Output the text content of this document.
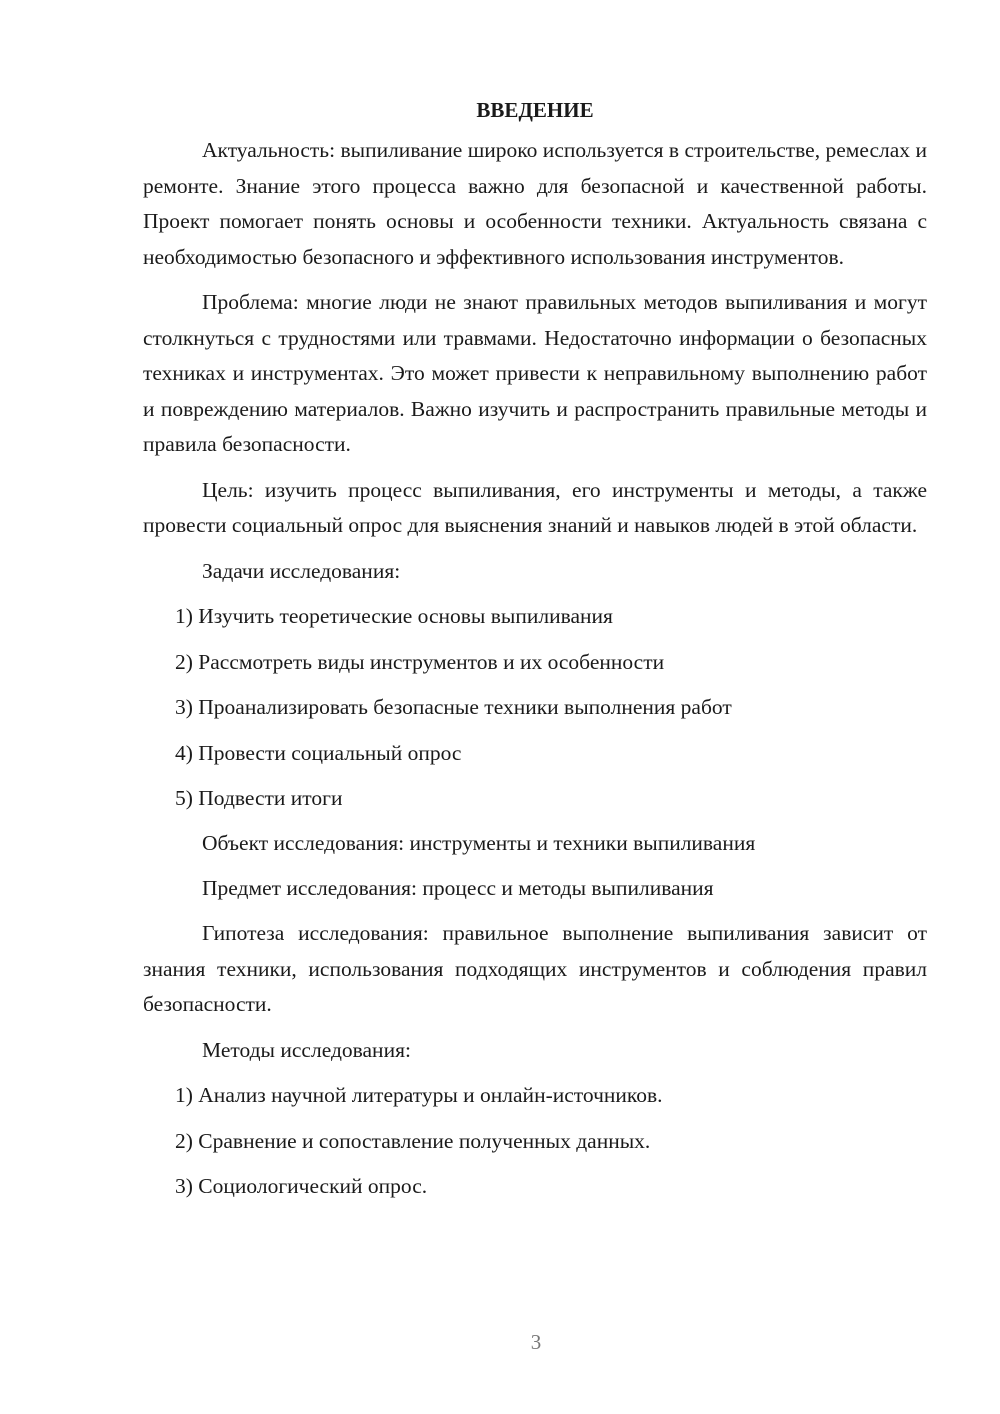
ВВЕДЕНИЕ

Актуальность: выпиливание широко используется в строительстве, ремеслах и ремонте. Знание этого процесса важно для безопасной и качественной работы. Проект помогает понять основы и особенности техники. Актуальность связана с необходимостью безопасного и эффективного использования инструментов.

Проблема: многие люди не знают правильных методов выпиливания и могут столкнуться с трудностями или травмами. Недостаточно информации о безопасных техниках и инструментах. Это может привести к неправильному выполнению работ и повреждению материалов. Важно изучить и распространить правильные методы и правила безопасности.

Цель: изучить процесс выпиливания, его инструменты и методы, а также провести социальный опрос для выяснения знаний и навыков людей в этой области.

Задачи исследования:

1) Изучить теоретические основы выпиливания

2) Рассмотреть виды инструментов и их особенности

3) Проанализировать безопасные техники выполнения работ

4) Провести социальный опрос

5) Подвести итоги

Объект исследования: инструменты и техники выпиливания

Предмет исследования: процесс и методы выпиливания

Гипотеза исследования: правильное выполнение выпиливания зависит от знания техники, использования подходящих инструментов и соблюдения правил безопасности.

Методы исследования:

1) Анализ научной литературы и онлайн-источников.

2) Сравнение и сопоставление полученных данных.

3) Социологический опрос.

3
